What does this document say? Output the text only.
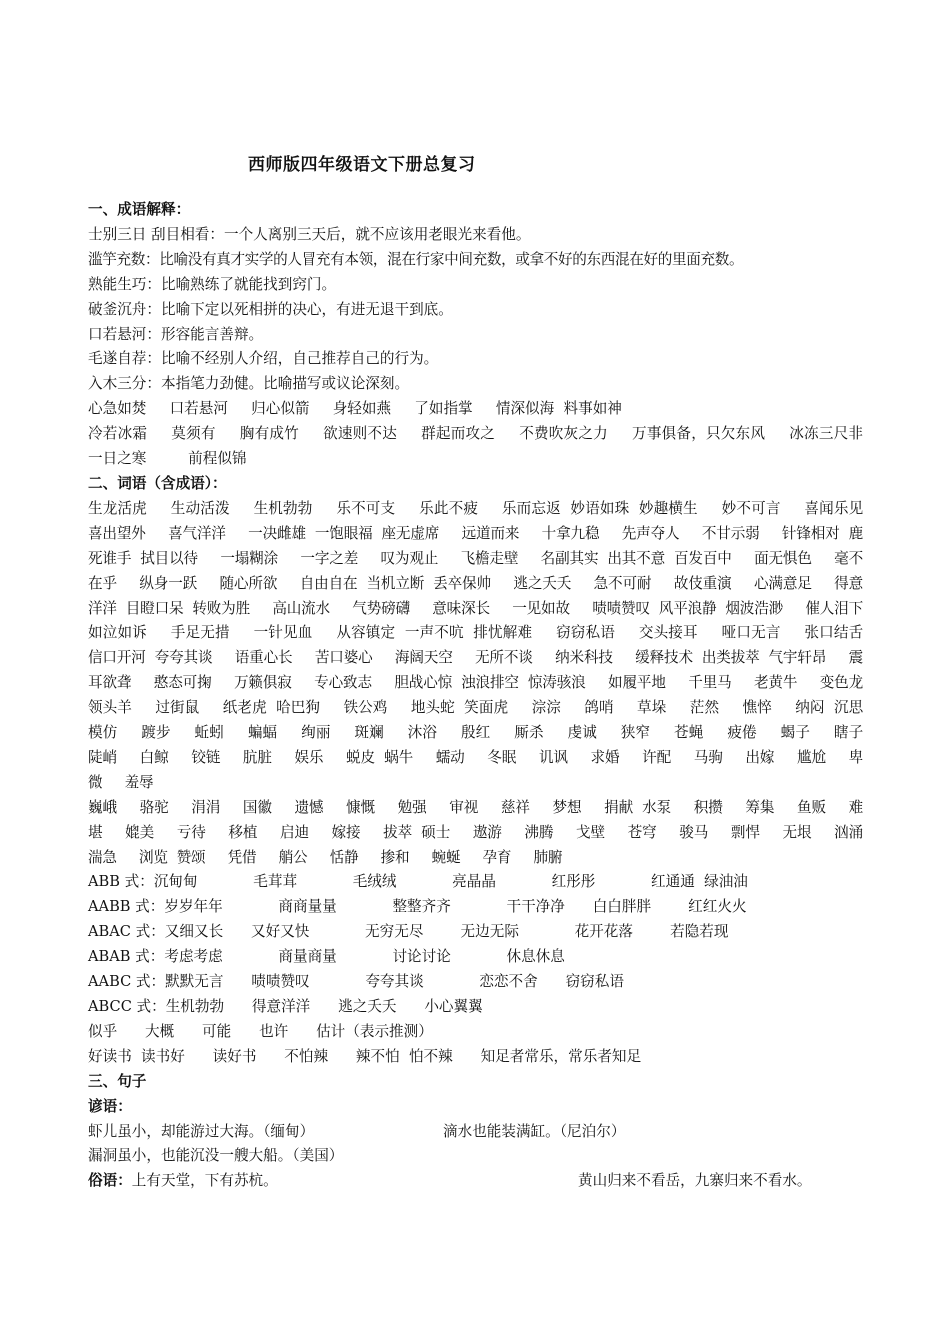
西师版四年级语文下册总复习
一、成语解释：
士别三日 刮目相看：一个人离别三天后，就不应该用老眼光来看他。
滥竽充数：比喻没有真才实学的人冒充有本领，混在行家中间充数，或拿不好的东西混在好的里面充数。
熟能生巧：比喻熟练了就能找到窍门。
破釜沉舟：比喻下定以死相拼的决心，有进无退干到底。
口若悬河：形容能言善辩。
毛遂自荐：比喻不经别人介绍，自己推荐自己的行为。
入木三分：本指笔力劲健。比喻描写或议论深刻。
心急如焚     口若悬河     归心似箭     身轻如燕     了如指掌     情深似海  料事如神
冷若冰霜     莫须有     胸有成竹     欲速则不达     群起而攻之     不费吹灰之力     万事俱备，只欠东风     冰冻三尺非一日之寒         前程似锦
二、词语（含成语）：
生龙活虎     生动活泼     生机勃勃     乐不可支     乐此不疲     乐而忘返  妙语如珠  妙趣横生     妙不可言     喜闻乐见     喜出望外     喜气洋洋     一决雌雄  一饱眼福  座无虚席     远道而来     十拿九稳     先声夺人     不甘示弱     针锋相对  鹿死谁手  拭目以待     一塌糊涂     一字之差     叹为观止     飞檐走壁     名副其实  出其不意  百发百中     面无惧色     毫不在乎     纵身一跃     随心所欲     自由自在  当机立断  丢卒保帅     逃之夭夭     急不可耐     故伎重演     心满意足     得意洋洋  目瞪口呆  转败为胜     高山流水     气势磅礴     意味深长     一见如故     啧啧赞叹  风平浪静  烟波浩渺     催人泪下     如泣如诉     手足无措     一针见血     从容镇定  一声不吭  排忧解难     窃窃私语     交头接耳     哑口无言     张口结舌     信口开河  夸夸其谈     语重心长     苦口婆心     海阔天空     无所不谈     纳米科技     缓释技术  出类拔萃  气宇轩昂     震耳欲聋     憨态可掬     万籁俱寂     专心致志     胆战心惊  浊浪排空  惊涛骇浪     如履平地     千里马     老黄牛     变色龙     领头羊     过街鼠     纸老虎  哈巴狗     铁公鸡     地头蛇  笑面虎     淙淙     鸽哨     草垛     茫然     憔悴     纳闷  沉思     模仿     踱步     蚯蚓     蝙蝠     绚丽     斑斓     沐浴     殷红     厮杀     虔诚     狭窄     苍蝇     疲倦     蝎子     瞎子     陡峭     白鲸     铰链     肮脏     娱乐     蜕皮  蜗牛     蠕动     冬眠     讥讽     求婚     许配     马驹     出嫁     尴尬     卑微     羞辱
巍峨     骆驼     涓涓     国徽     遗憾     慷慨     勉强     审视     慈祥     梦想     捐献  水泵     积攒     筹集     鱼贩     难堪     媲美     亏待     移植     启迪     嫁接     拔萃  硕士     遨游     沸腾     戈壁     苍穹     骏马     剽悍     无垠     汹涌     湍急     浏览  赞颂     凭借     艄公     恬静     掺和     蜿蜒     孕育     肺腑
ABB 式：沉甸甸            毛茸茸            毛绒绒            亮晶晶            红彤彤            红通通  绿油油
AABB 式：岁岁年年            商商量量            整整齐齐            干干净净      白白胖胖        红红火火
ABAC 式：又细又长      又好又快            无穷无尽        无边无际            花开花落        若隐若现
ABAB 式：考虑考虑            商量商量            讨论讨论            休息休息
AABC 式：默默无言      啧啧赞叹            夸夸其谈            恋恋不舍      窃窃私语
ABCC 式：生机勃勃      得意洋洋      逃之夭夭      小心翼翼
似乎      大概      可能      也许      估计（表示推测）
好读书  读书好      读好书      不怕辣      辣不怕  怕不辣      知足者常乐，常乐者知足
三、句子
谚语：
虾儿虽小，却能游过大海。（缅甸）	滴水也能装满缸。（尼泊尔）
漏洞虽小，也能沉没一艘大船。（美国）
俗语：上有天堂，下有苏杭。	黄山归来不看岳，九寨归来不看水。
